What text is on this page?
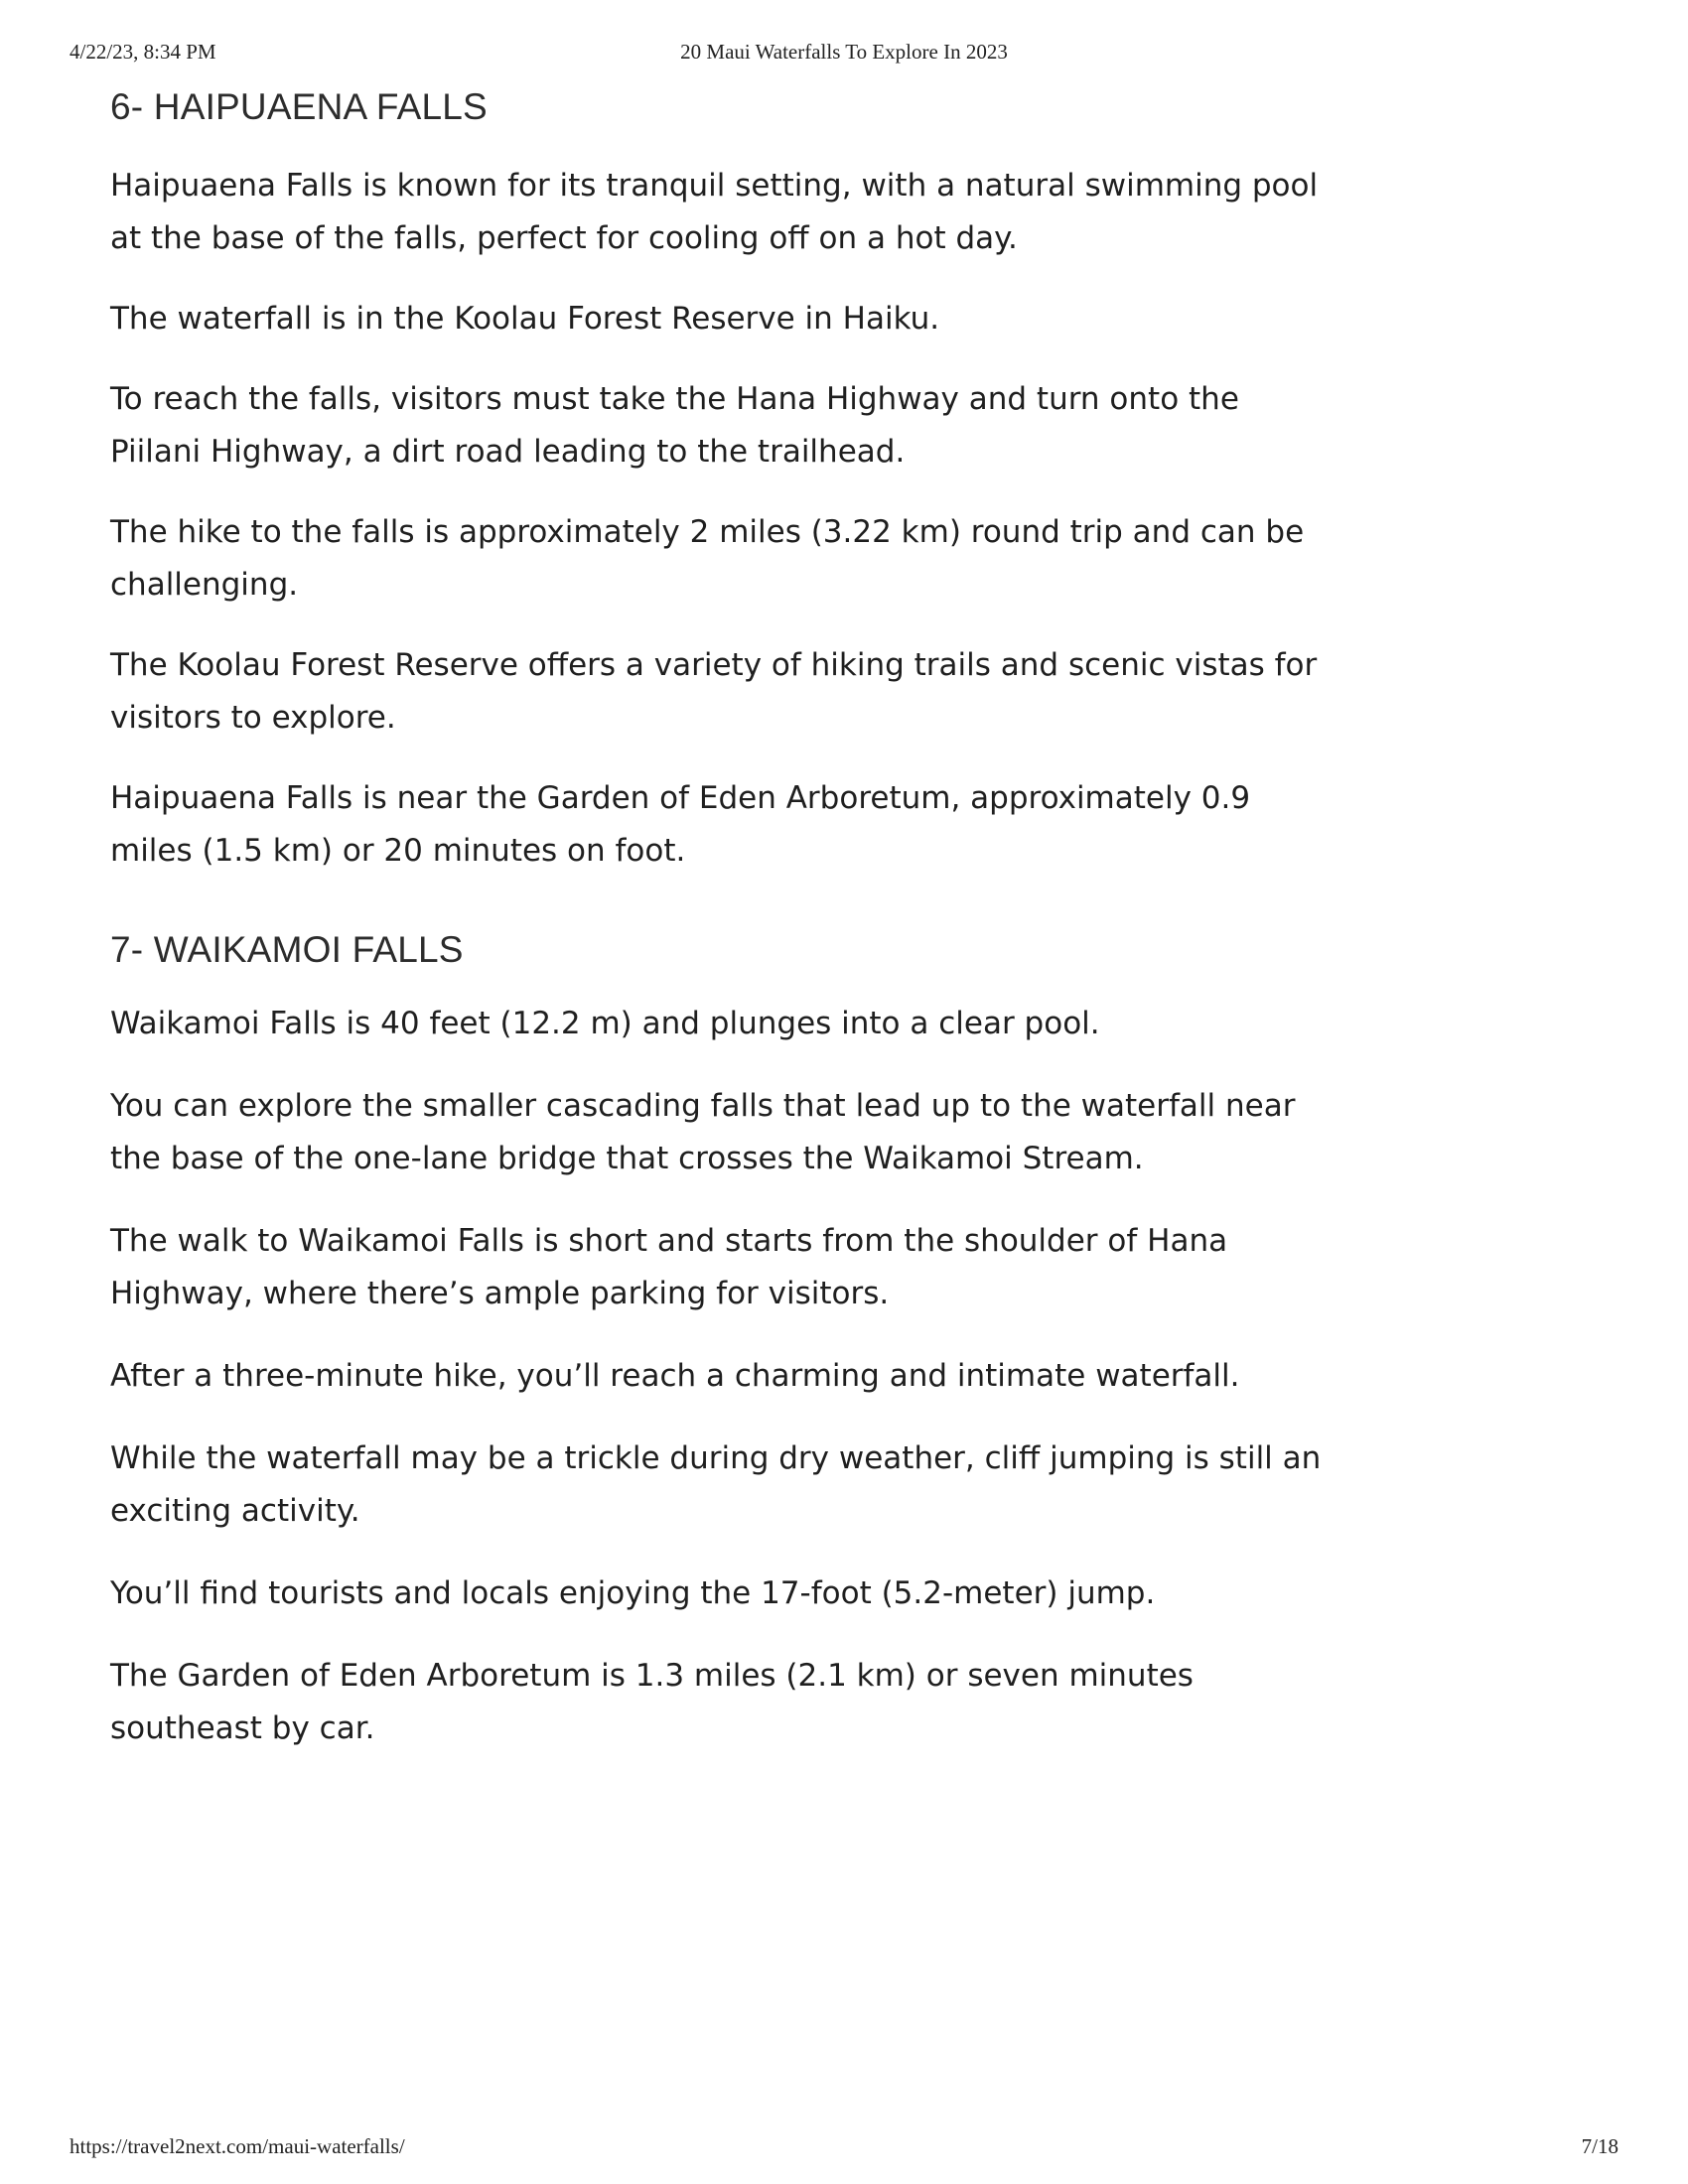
4/22/23, 8:34 PM	20 Maui Waterfalls To Explore In 2023
6- HAIPUAENA FALLS

Haipuaena Falls is known for its tranquil setting, with a natural swimming pool at the base of the falls, perfect for cooling off on a hot day.

The waterfall is in the Koolau Forest Reserve in Haiku.

To reach the falls, visitors must take the Hana Highway and turn onto the Piilani Highway, a dirt road leading to the trailhead.

The hike to the falls is approximately 2 miles (3.22 km) round trip and can be challenging.

The Koolau Forest Reserve offers a variety of hiking trails and scenic vistas for visitors to explore.

Haipuaena Falls is near the Garden of Eden Arboretum, approximately 0.9 miles (1.5 km) or 20 minutes on foot.

7- WAIKAMOI FALLS

Waikamoi Falls is 40 feet (12.2 m) and plunges into a clear pool.

You can explore the smaller cascading falls that lead up to the waterfall near the base of the one-lane bridge that crosses the Waikamoi Stream.

The walk to Waikamoi Falls is short and starts from the shoulder of Hana Highway, where there’s ample parking for visitors.

After a three-minute hike, you’ll reach a charming and intimate waterfall.

While the waterfall may be a trickle during dry weather, cliff jumping is still an exciting activity.

You’ll find tourists and locals enjoying the 17-foot (5.2-meter) jump.

The Garden of Eden Arboretum is 1.3 miles (2.1 km) or seven minutes southeast by car.

https://travel2next.com/maui-waterfalls/	7/18
